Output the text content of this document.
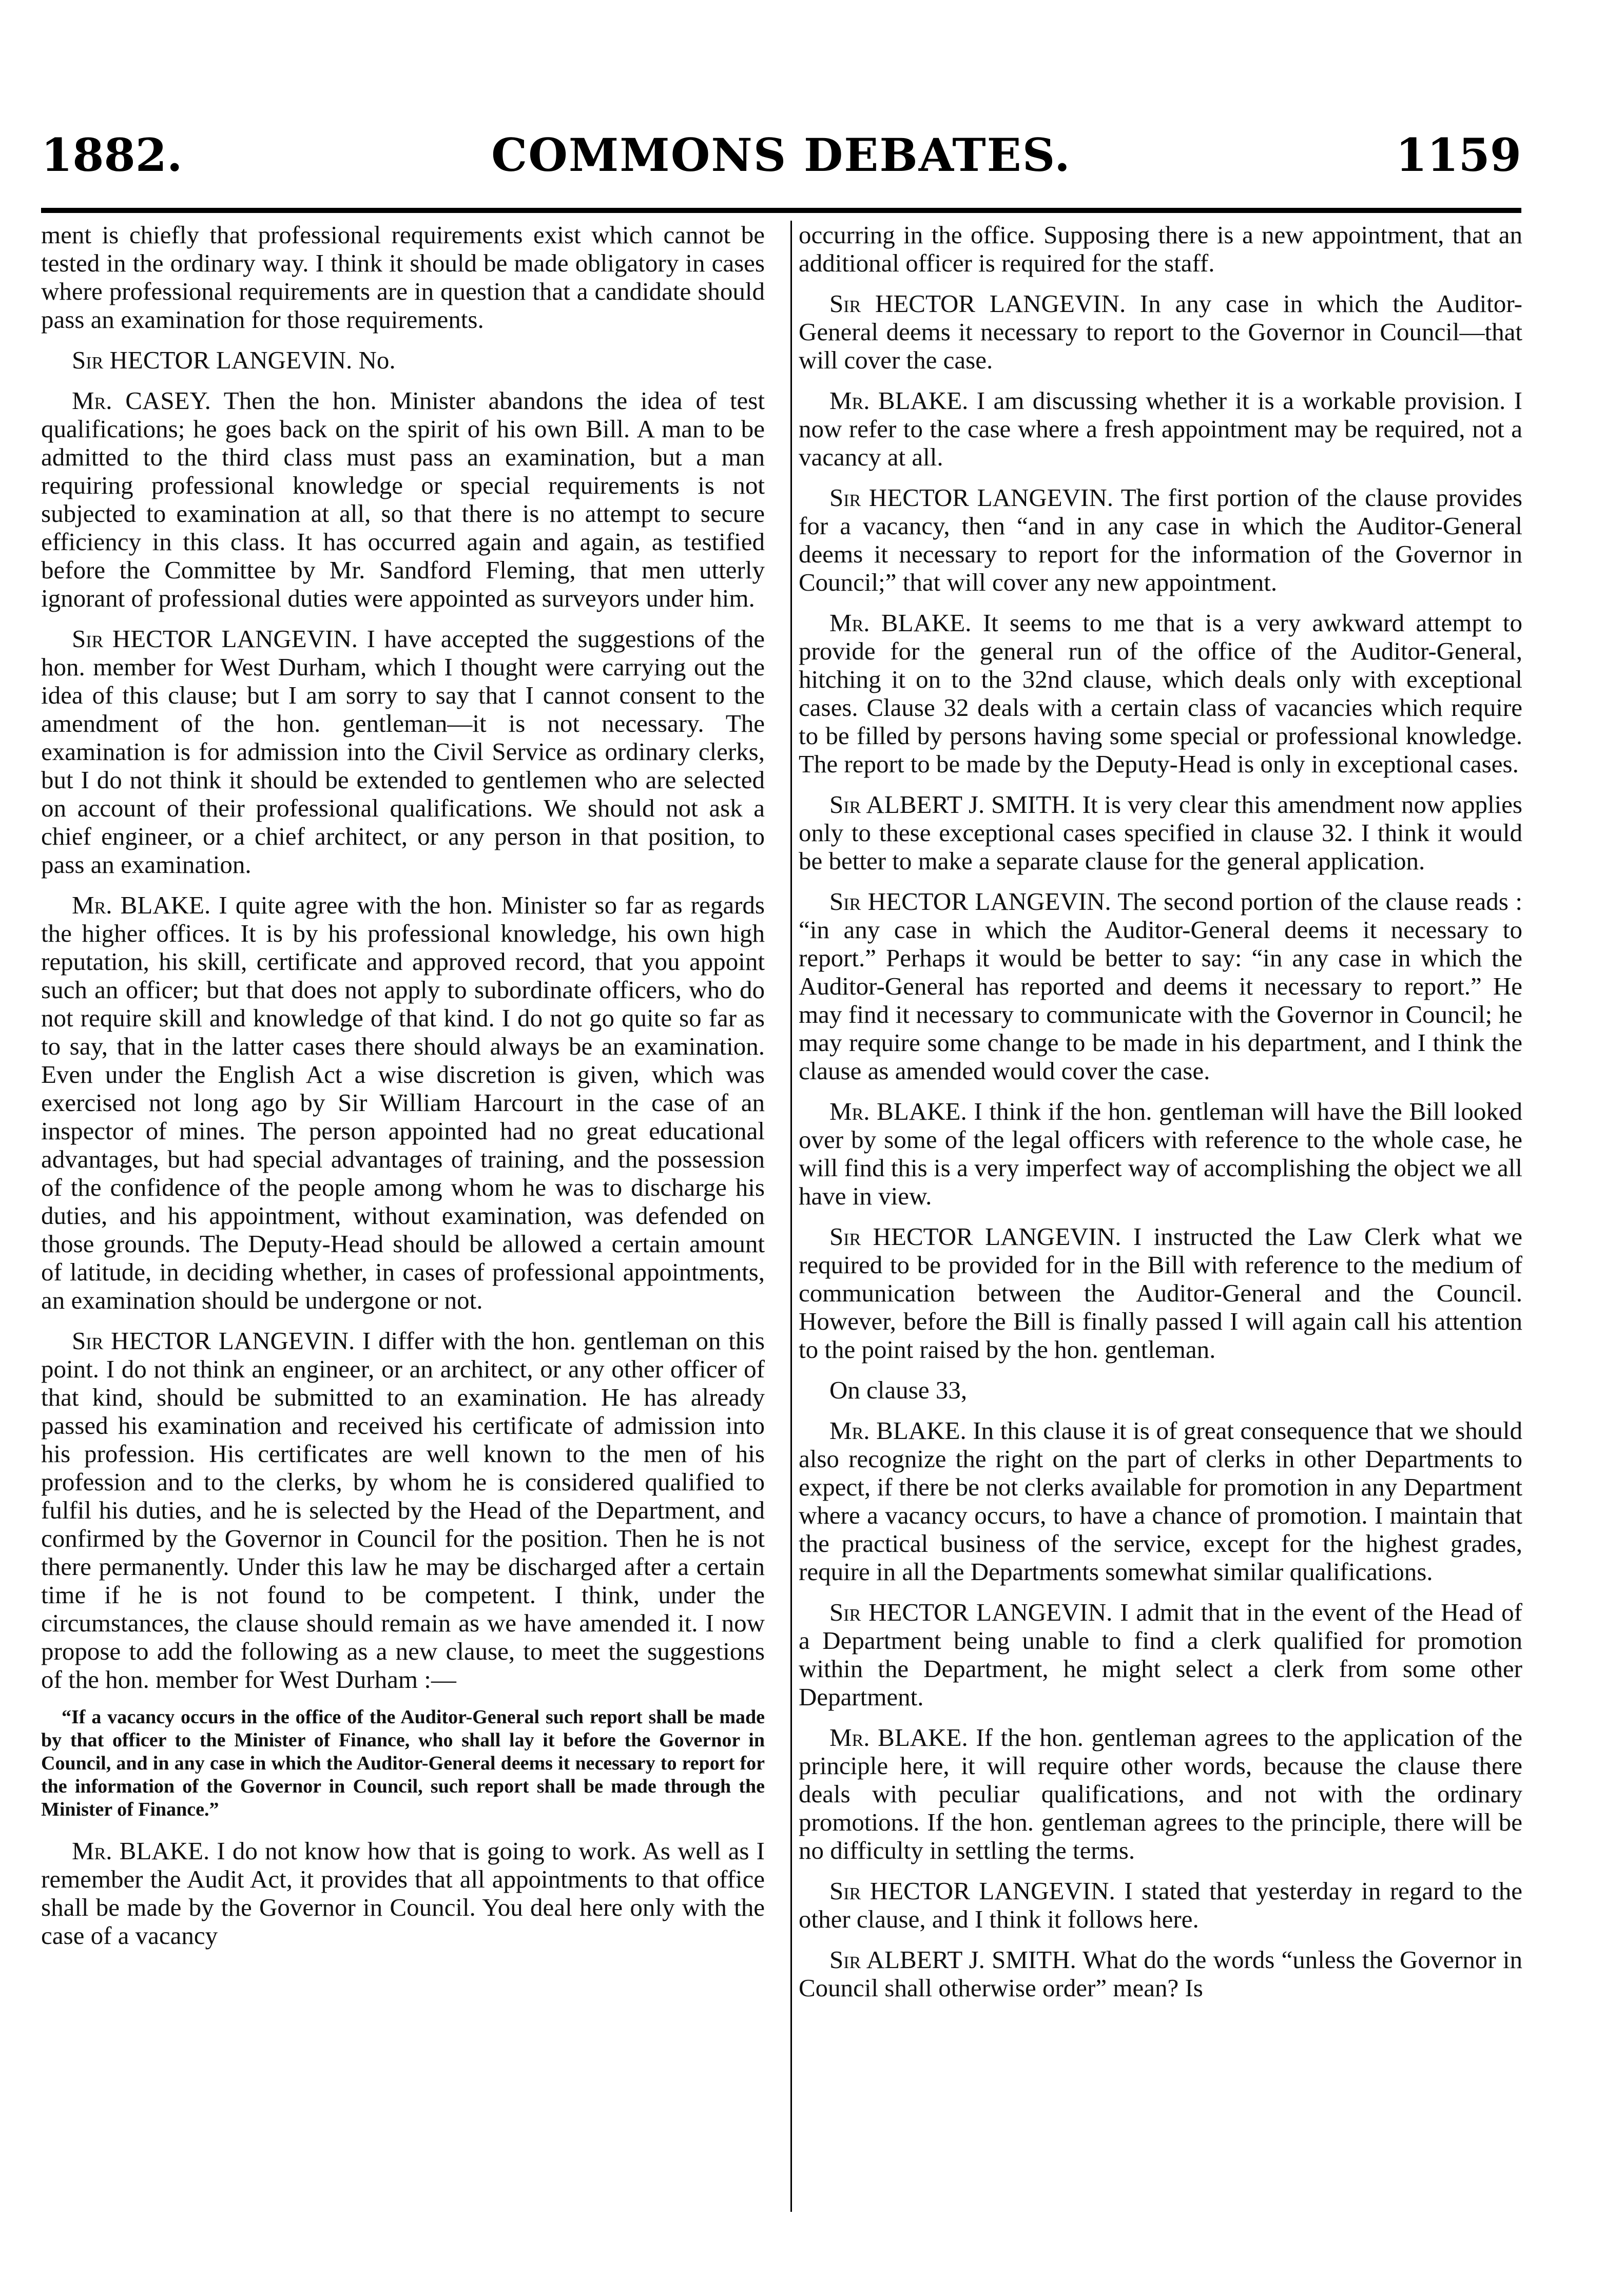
1882.	COMMONS DEBATES.	1159

ment is chiefly that professional requirements exist which cannot be tested in the ordinary way. I think it should be made obligatory in cases where professional requirements are in question that a candidate should pass an examination for those requirements.

Sir HECTOR LANGEVIN. No.

Mr. CASEY. Then the hon. Minister abandons the idea of test qualifications; he goes back on the spirit of his own Bill. A man to be admitted to the third class must pass an examination, but a man requiring professional knowledge or special requirements is not subjected to examination at all, so that there is no attempt to secure efficiency in this class. It has occurred again and again, as testified before the Committee by Mr. Sandford Fleming, that men utterly ignorant of professional duties were appointed as surveyors under him.

Sir HECTOR LANGEVIN. I have accepted the suggestions of the hon. member for West Durham, which I thought were carrying out the idea of this clause; but I am sorry to say that I cannot consent to the amendment of the hon. gentleman—it is not necessary. The examination is for admission into the Civil Service as ordinary clerks, but I do not think it should be extended to gentlemen who are selected on account of their professional qualifications. We should not ask a chief engineer, or a chief architect, or any person in that position, to pass an examination.

Mr. BLAKE. I quite agree with the hon. Minister so far as regards the higher offices. It is by his professional knowledge, his own high reputation, his skill, certificate and approved record, that you appoint such an officer; but that does not apply to subordinate officers, who do not require skill and knowledge of that kind. I do not go quite so far as to say, that in the latter cases there should always be an examination. Even under the English Act a wise discretion is given, which was exercised not long ago by Sir William Harcourt in the case of an inspector of mines. The person appointed had no great educational advantages, but had special advantages of training, and the possession of the confidence of the people among whom he was to discharge his duties, and his appointment, without examination, was defended on those grounds. The Deputy-Head should be allowed a certain amount of latitude, in deciding whether, in cases of professional appointments, an examination should be undergone or not.

Sir HECTOR LANGEVIN. I differ with the hon. gentleman on this point. I do not think an engineer, or an architect, or any other officer of that kind, should be submitted to an examination. He has already passed his examination and received his certificate of admission into his profession. His certificates are well known to the men of his profession and to the clerks, by whom he is considered qualified to fulfil his duties, and he is selected by the Head of the Department, and confirmed by the Governor in Council for the position. Then he is not there permanently. Under this law he may be discharged after a certain time if he is not found to be competent. I think, under the circumstances, the clause should remain as we have amended it. I now propose to add the following as a new clause, to meet the suggestions of the hon. member for West Durham :—

“If a vacancy occurs in the office of the Auditor-General such report shall be made by that officer to the Minister of Finance, who shall lay it before the Governor in Council, and in any case in which the Auditor-General deems it necessary to report for the information of the Governor in Council, such report shall be made through the Minister of Finance.”

Mr. BLAKE. I do not know how that is going to work. As well as I remember the Audit Act, it provides that all appointments to that office shall be made by the Governor in Council. You deal here only with the case of a vacancy

occurring in the office. Supposing there is a new appointment, that an additional officer is required for the staff.

Sir HECTOR LANGEVIN. In any case in which the Auditor-General deems it necessary to report to the Governor in Council—that will cover the case.

Mr. BLAKE. I am discussing whether it is a workable provision. I now refer to the case where a fresh appointment may be required, not a vacancy at all.

Sir HECTOR LANGEVIN. The first portion of the clause provides for a vacancy, then “and in any case in which the Auditor-General deems it necessary to report for the information of the Governor in Council;” that will cover any new appointment.

Mr. BLAKE. It seems to me that is a very awkward attempt to provide for the general run of the office of the Auditor-General, hitching it on to the 32nd clause, which deals only with exceptional cases. Clause 32 deals with a certain class of vacancies which require to be filled by persons having some special or professional knowledge. The report to be made by the Deputy-Head is only in exceptional cases.

Sir ALBERT J. SMITH. It is very clear this amendment now applies only to these exceptional cases specified in clause 32. I think it would be better to make a separate clause for the general application.

Sir HECTOR LANGEVIN. The second portion of the clause reads : “in any case in which the Auditor-General deems it necessary to report.” Perhaps it would be better to say: “in any case in which the Auditor-General has reported and deems it necessary to report.” He may find it necessary to communicate with the Governor in Council; he may require some change to be made in his department, and I think the clause as amended would cover the case.

Mr. BLAKE. I think if the hon. gentleman will have the Bill looked over by some of the legal officers with reference to the whole case, he will find this is a very imperfect way of accomplishing the object we all have in view.

Sir HECTOR LANGEVIN. I instructed the Law Clerk what we required to be provided for in the Bill with reference to the medium of communication between the Auditor-General and the Council. However, before the Bill is finally passed I will again call his attention to the point raised by the hon. gentleman.

On clause 33,

Mr. BLAKE. In this clause it is of great consequence that we should also recognize the right on the part of clerks in other Departments to expect, if there be not clerks available for promotion in any Department where a vacancy occurs, to have a chance of promotion. I maintain that the practical business of the service, except for the highest grades, require in all the Departments somewhat similar qualifications.

Sir HECTOR LANGEVIN. I admit that in the event of the Head of a Department being unable to find a clerk qualified for promotion within the Department, he might select a clerk from some other Department.

Mr. BLAKE. If the hon. gentleman agrees to the application of the principle here, it will require other words, because the clause there deals with peculiar qualifications, and not with the ordinary promotions. If the hon. gentleman agrees to the principle, there will be no difficulty in settling the terms.

Sir HECTOR LANGEVIN. I stated that yesterday in regard to the other clause, and I think it follows here.

Sir ALBERT J. SMITH. What do the words “unless the Governor in Council shall otherwise order” mean? Is
